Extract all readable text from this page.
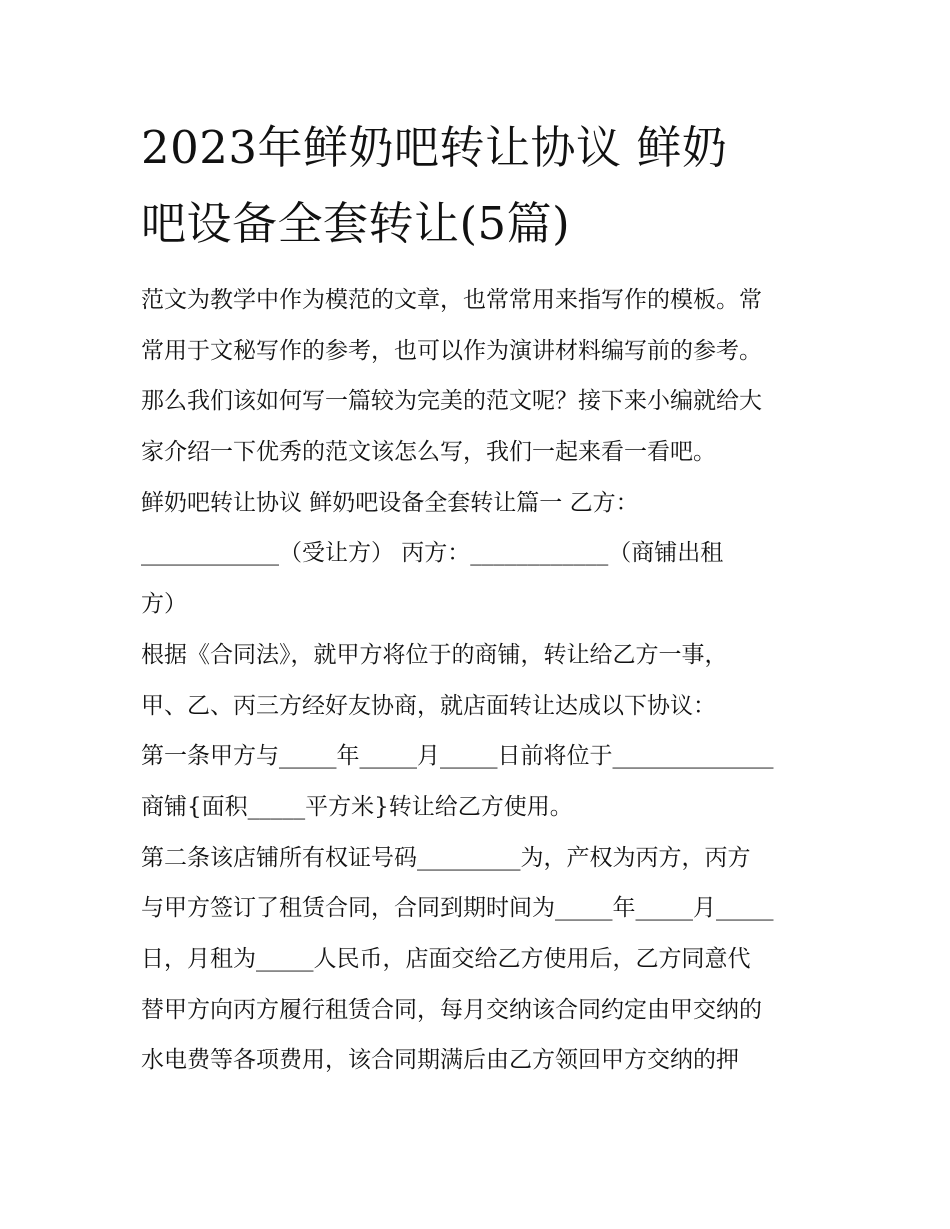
2023年鲜奶吧转让协议 鲜奶
吧设备全套转让(5篇)
范文为教学中作为模范的文章，也常常用来指写作的模板。常
常用于文秘写作的参考，也可以作为演讲材料编写前的参考。
那么我们该如何写一篇较为完美的范文呢？接下来小编就给大
家介绍一下优秀的范文该怎么写，我们一起来看一看吧。
鲜奶吧转让协议 鲜奶吧设备全套转让篇一 乙方：
____________（受让方） 丙方：____________（商铺出租
方）
根据《合同法》，就甲方将位于的商铺，转让给乙方一事，
甲、乙、丙三方经好友协商，就店面转让达成以下协议：
第一条甲方与_____年_____月_____日前将位于______________
商铺{面积_____平方米}转让给乙方使用。
第二条该店铺所有权证号码_________为，产权为丙方，丙方
与甲方签订了租赁合同，合同到期时间为_____年_____月_____
日，月租为_____人民币，店面交给乙方使用后，乙方同意代
替甲方向丙方履行租赁合同，每月交纳该合同约定由甲交纳的
水电费等各项费用，该合同期满后由乙方领回甲方交纳的押
